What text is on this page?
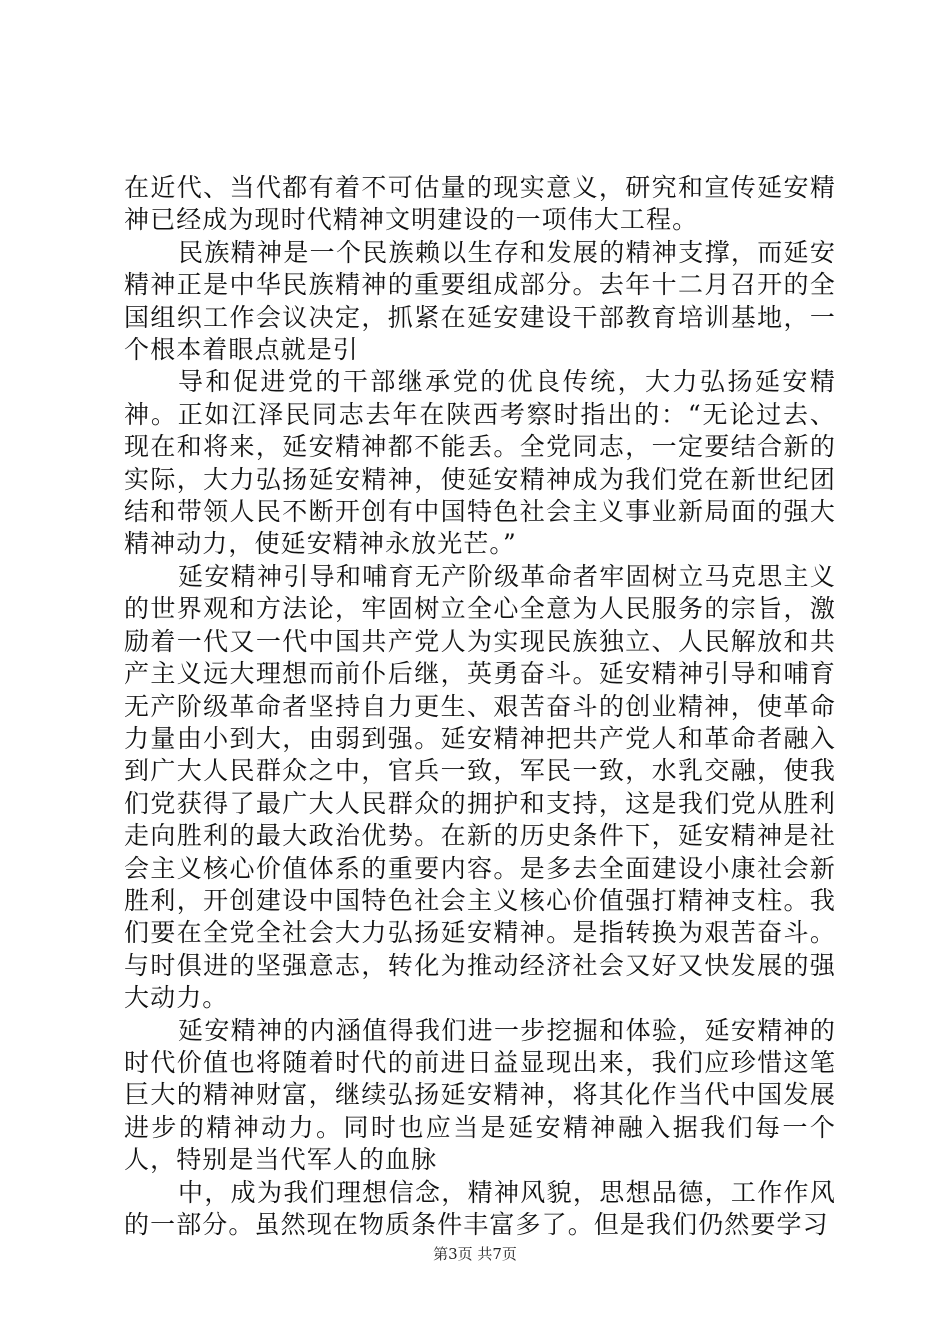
在近代、当代都有着不可估量的现实意义，研究和宣传延安精神已经成为现时代精神文明建设的一项伟大工程。

民族精神是一个民族赖以生存和发展的精神支撑，而延安精神正是中华民族精神的重要组成部分。去年十二月召开的全国组织工作会议决定，抓紧在延安建设干部教育培训基地，一个根本着眼点就是引

导和促进党的干部继承党的优良传统，大力弘扬延安精神。正如江泽民同志去年在陕西考察时指出的：“无论过去、现在和将来，延安精神都不能丢。全党同志，一定要结合新的实际，大力弘扬延安精神，使延安精神成为我们党在新世纪团结和带领人民不断开创有中国特色社会主义事业新局面的强大精神动力，使延安精神永放光芒。”

延安精神引导和哺育无产阶级革命者牢固树立马克思主义的世界观和方法论，牢固树立全心全意为人民服务的宗旨，激励着一代又一代中国共产党人为实现民族独立、人民解放和共产主义远大理想而前仆后继，英勇奋斗。延安精神引导和哺育无产阶级革命者坚持自力更生、艰苦奋斗的创业精神，使革命力量由小到大，由弱到强。延安精神把共产党人和革命者融入到广大人民群众之中，官兵一致，军民一致，水乳交融，使我们党获得了最广大人民群众的拥护和支持，这是我们党从胜利走向胜利的最大政治优势。在新的历史条件下，延安精神是社会主义核心价值体系的重要内容。是多去全面建设小康社会新胜利，开创建设中国特色社会主义核心价值强打精神支柱。我们要在全党全社会大力弘扬延安精神。是指转换为艰苦奋斗。与时俱进的坚强意志，转化为推动经济社会又好又快发展的强大动力。

延安精神的内涵值得我们进一步挖掘和体验，延安精神的时代价值也将随着时代的前进日益显现出来，我们应珍惜这笔巨大的精神财富，继续弘扬延安精神，将其化作当代中国发展进步的精神动力。同时也应当是延安精神融入据我们每一个人，特别是当代军人的血脉

中，成为我们理想信念，精神风貌，思想品德，工作作风的一部分。虽然现在物质条件丰富多了。但是我们仍然要学习

第3页 共7页
